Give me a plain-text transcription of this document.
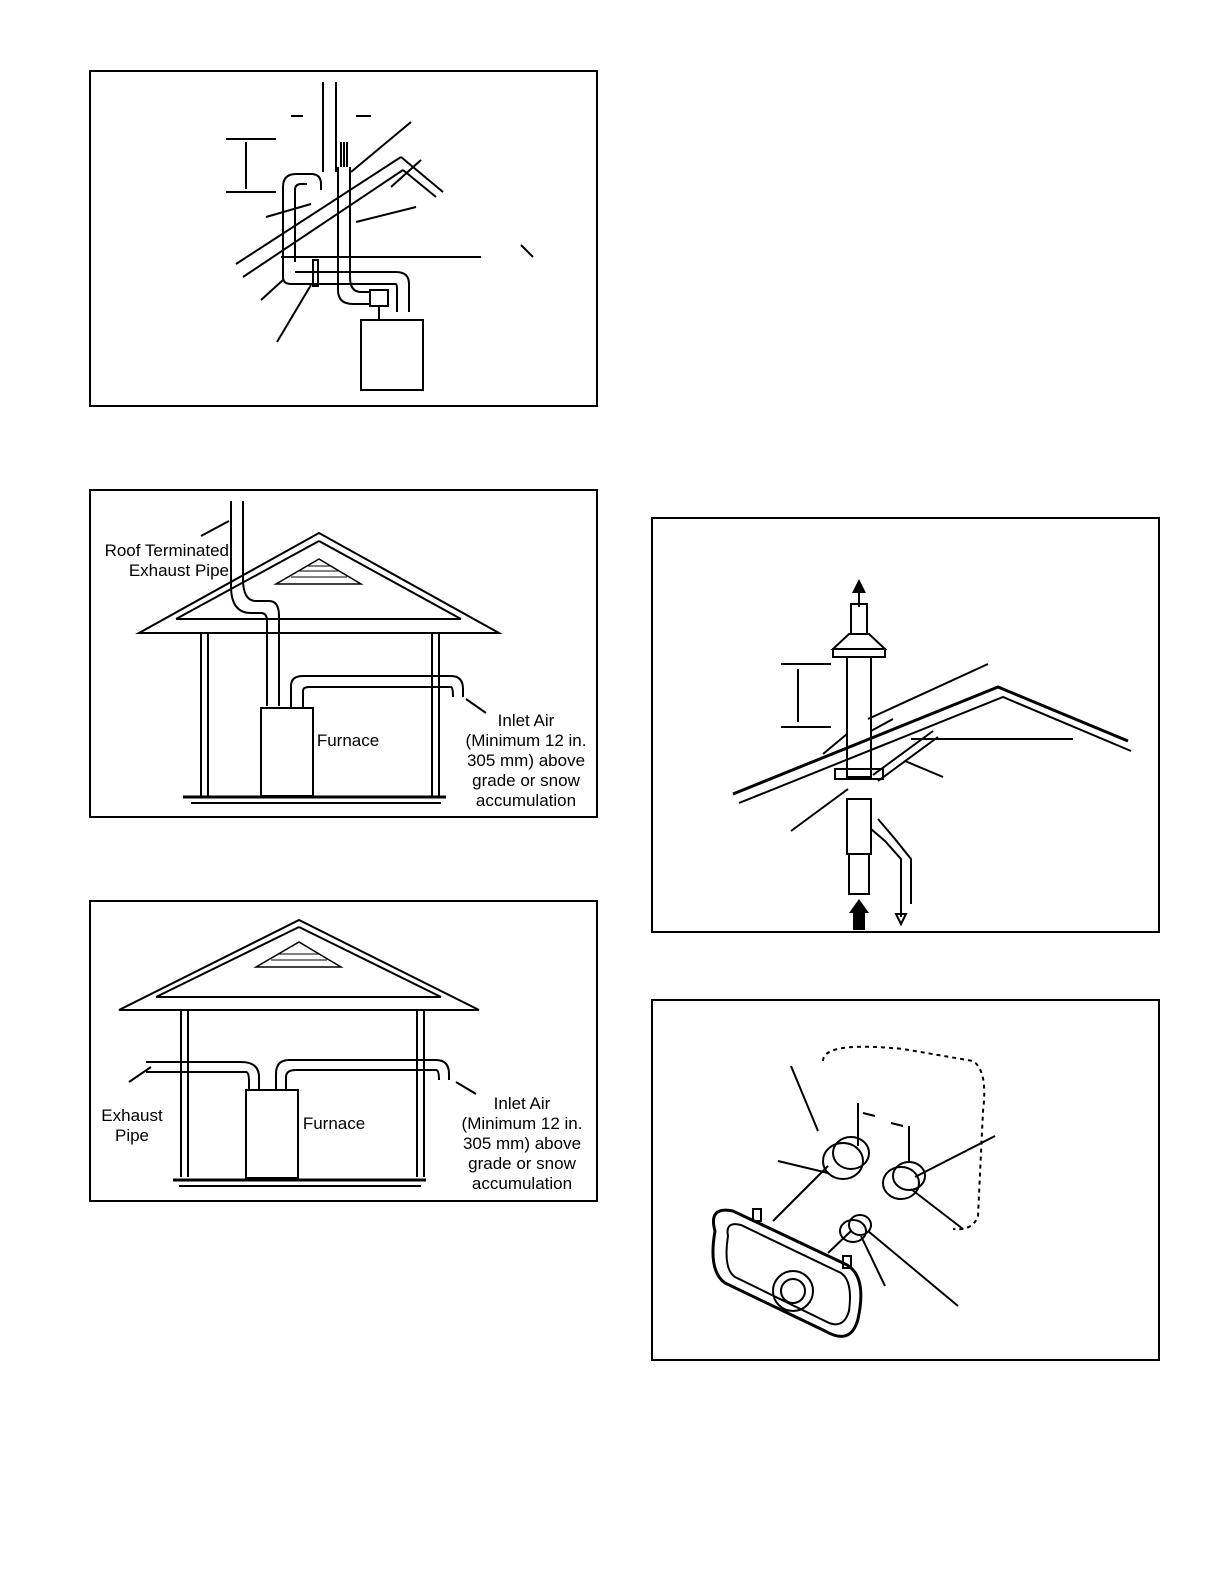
Roof Terminated
Exhaust Pipe
Furnace
Inlet Air
(Minimum 12 in.
305 mm) above
grade or snow
accumulation
Exhaust
Pipe
Furnace
Inlet Air
(Minimum 12 in.
305 mm) above
grade or snow
accumulation
